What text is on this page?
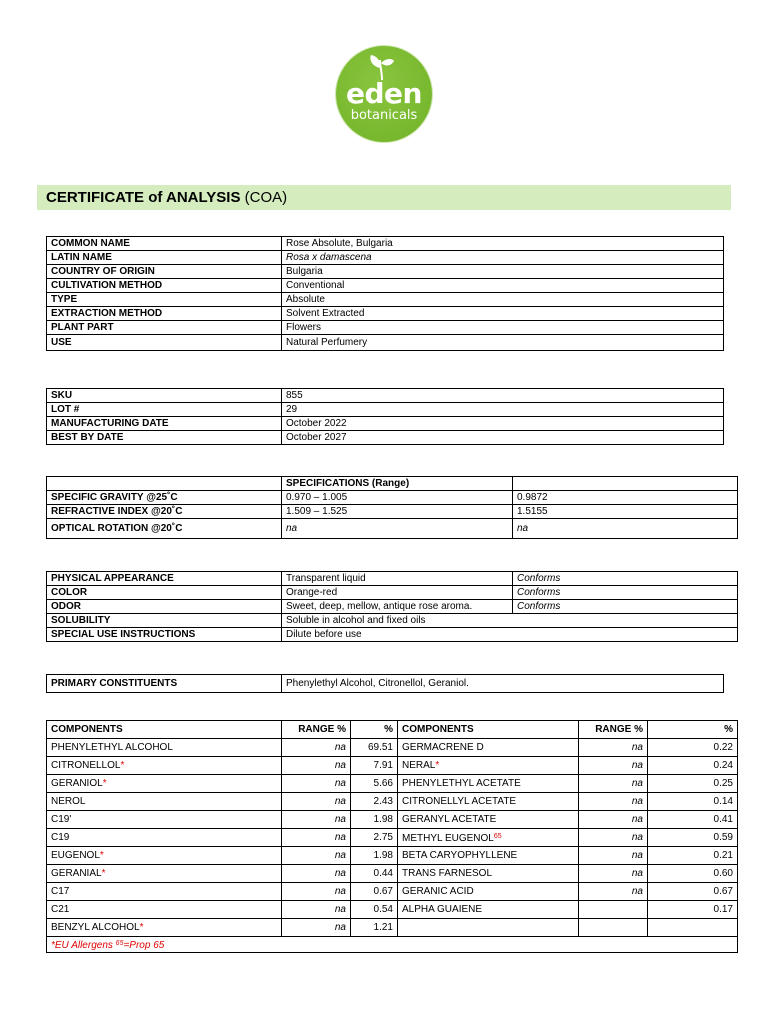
eden
botanicals
CERTIFICATE of ANALYSIS (COA)
COMMON NAME	Rose Absolute, Bulgaria
LATIN NAME	Rosa x damascena
COUNTRY OF ORIGIN	Bulgaria
CULTIVATION METHOD	Conventional
TYPE	Absolute
EXTRACTION METHOD	Solvent Extracted
PLANT PART	Flowers
USE	Natural Perfumery
SKU	855
LOT #	29
MANUFACTURING DATE	October 2022
BEST BY DATE	October 2027
	SPECIFICATIONS (Range)	
SPECIFIC GRAVITY @25˚C	0.970 – 1.005	0.9872
REFRACTIVE INDEX @20˚C	1.509 – 1.525	1.5155
OPTICAL ROTATION @20˚C	na	na
PHYSICAL APPEARANCE	Transparent liquid	Conforms
COLOR	Orange-red	Conforms
ODOR	Sweet, deep, mellow, antique rose aroma.	Conforms
SOLUBILITY	Soluble in alcohol and fixed oils	
SPECIAL USE INSTRUCTIONS	Dilute before use	
PRIMARY CONSTITUENTS	Phenylethyl Alcohol, Citronellol, Geraniol.
COMPONENTS	RANGE %	%	COMPONENTS	RANGE %	%
PHENYLETHYL ALCOHOL	na	69.51	GERMACRENE D	na	0.22
CITRONELLOL*	na	7.91	NERAL*	na	0.24
GERANIOL*	na	5.66	PHENYLETHYL ACETATE	na	0.25
NEROL	na	2.43	CITRONELLYL ACETATE	na	0.14
C19'	na	1.98	GERANYL ACETATE	na	0.41
C19	na	2.75	METHYL EUGENOL$^{65}$	na	0.59
EUGENOL*	na	1.98	BETA CARYOPHYLLENE	na	0.21
GERANIAL*	na	0.44	TRANS FARNESOL	na	0.60
C17	na	0.67	GERANIC ACID	na	0.67
C21	na	0.54	ALPHA GUAIENE		0.17
BENZYL ALCOHOL*	na	1.21			
*EU Allergens $^{65}$=Prop 65					
